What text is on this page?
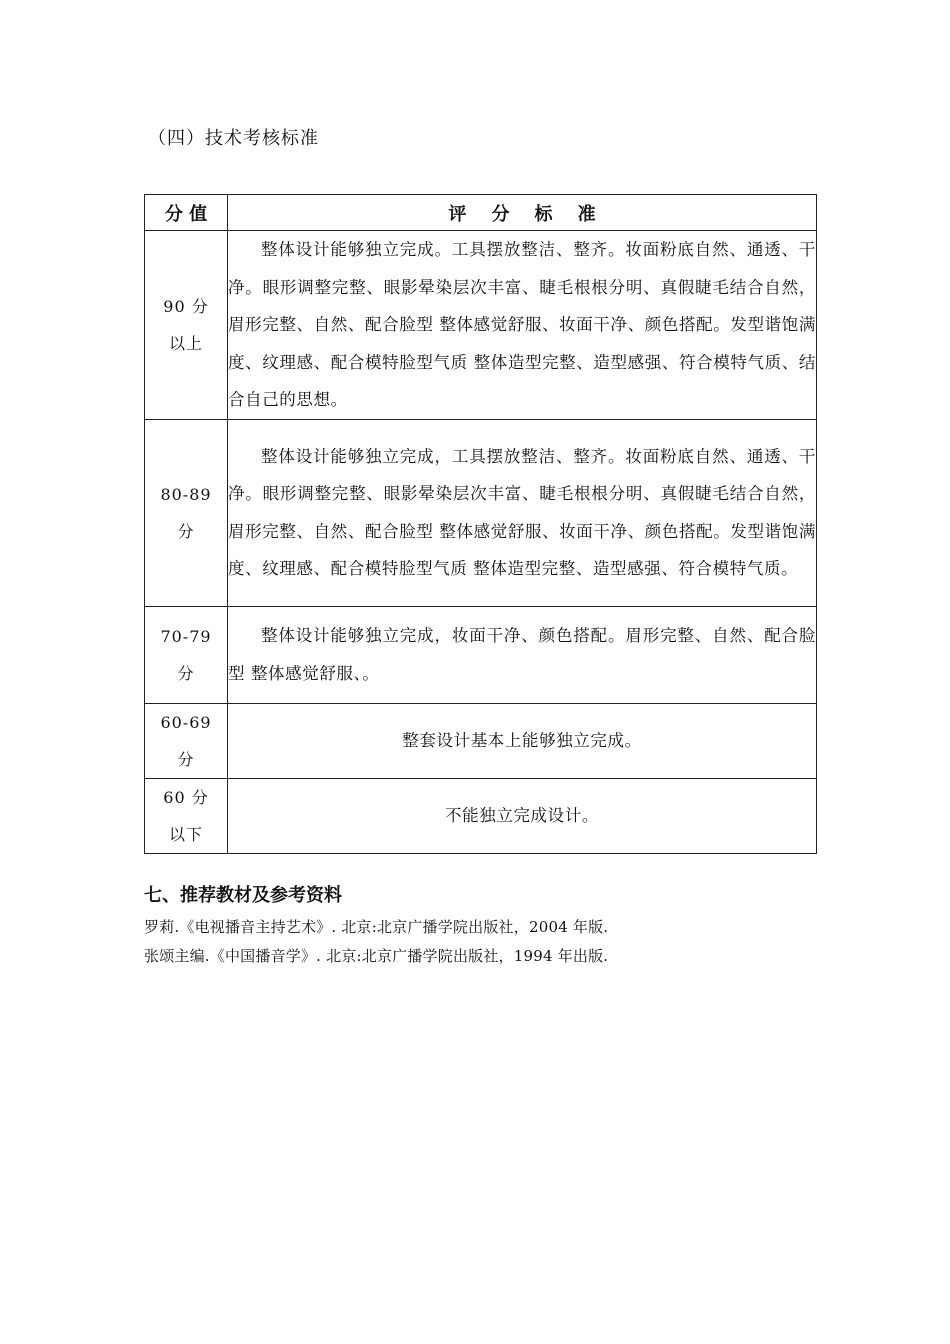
（四）技术考核标准
分 值	评    分    标    准

90 分
以上	整体设计能够独立完成。工具摆放整洁、整齐。妆面粉底自然、通透、干净。眼形调整完整、眼影晕染层次丰富、睫毛根根分明、真假睫毛结合自然，眉形完整、自然、配合脸型 整体感觉舒服、妆面干净、颜色搭配。发型谐饱满度、纹理感、配合模特脸型气质 整体造型完整、造型感强、符合模特气质、结合自己的思想。

80-89
分	整体设计能够独立完成，工具摆放整洁、整齐。妆面粉底自然、通透、干净。眼形调整完整、眼影晕染层次丰富、睫毛根根分明、真假睫毛结合自然，眉形完整、自然、配合脸型 整体感觉舒服、妆面干净、颜色搭配。发型谐饱满度、纹理感、配合模特脸型气质 整体造型完整、造型感强、符合模特气质。

70-79
分	整体设计能够独立完成，妆面干净、颜色搭配。眉形完整、自然、配合脸型 整体感觉舒服、。

60-69
分	整套设计基本上能够独立完成。

60 分
以下	不能独立完成设计。
七、推荐教材及参考资料
罗莉.《电视播音主持艺术》. 北京:北京广播学院出版社，2004 年版.
张颂主编.《中国播音学》. 北京:北京广播学院出版社，1994 年出版.
